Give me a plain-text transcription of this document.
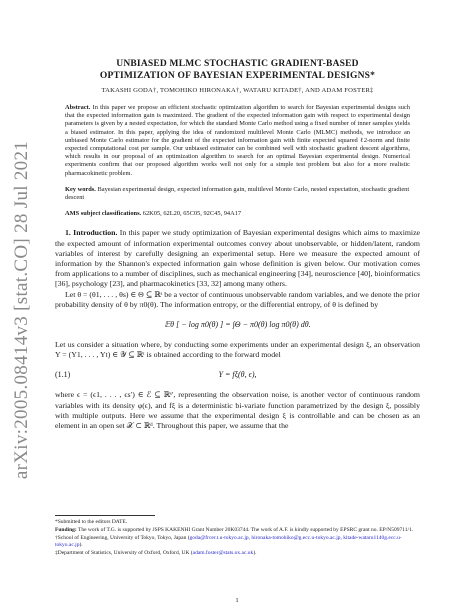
arXiv:2005.08414v3 [stat.CO] 28 Jul 2021
UNBIASED MLMC STOCHASTIC GRADIENT-BASED
OPTIMIZATION OF BAYESIAN EXPERIMENTAL DESIGNS*
TAKASHI GODA†, TOMOHIKO HIRONAKA†, WATARU KITADE†, AND ADAM FOSTER‡
Abstract. In this paper we propose an efficient stochastic optimization algorithm to search for Bayesian experimental designs such that the expected information gain is maximized. The gradient of the expected information gain with respect to experimental design parameters is given by a nested expectation, for which the standard Monte Carlo method using a fixed number of inner samples yields a biased estimator. In this paper, applying the idea of randomized multilevel Monte Carlo (MLMC) methods, we introduce an unbiased Monte Carlo estimator for the gradient of the expected information gain with finite expected squared ℓ2-norm and finite expected computational cost per sample. Our unbiased estimator can be combined well with stochastic gradient descent algorithms, which results in our proposal of an optimization algorithm to search for an optimal Bayesian experimental design. Numerical experiments confirm that our proposed algorithm works well not only for a simple test problem but also for a more realistic pharmacokinetic problem.
Key words. Bayesian experimental design, expected information gain, multilevel Monte Carlo, nested expectation, stochastic gradient descent
AMS subject classifications. 62K05, 62L20, 65C05, 92C45, 94A17

1. Introduction. In this paper we study optimization of Bayesian experimental designs which aims to maximize the expected amount of information experimental outcomes convey about unobservable, or hidden/latent, random variables of interest by carefully designing an experimental setup. Here we measure the expected amount of information by the Shannon's expected information gain whose definition is given below. Our motivation comes from applications to a number of disciplines, such as mechanical engineering [34], neuroscience [40], bioinformatics [36], psychology [23], and pharmacokinetics [33, 32] among many others.

Let θ = (θ1, . . . , θs) ∈ Θ ⊆ ℝˢ be a vector of continuous unobservable random variables, and we denote the prior probability density of θ by π0(θ). The information entropy, or the differential entropy, of θ is defined by

𝔼θ [ − log π0(θ) ] = ∫Θ − π0(θ) log π0(θ) dθ.

Let us consider a situation where, by conducting some experiments under an experimental design ξ, an observation Y = (Y1, . . . , Yt) ∈ 𝒴 ⊆ ℝᵗ is obtained according to the forward model

(1.1)	Y = fξ(θ, ϵ),

where ϵ = (ϵ1, . . . , ϵs′) ∈ ℰ ⊆ ℝˢ′, representing the observation noise, is another vector of continuous random variables with its density φ(ϵ), and fξ is a deterministic bi-variate function parametrized by the design ξ, possibly with multiple outputs. Here we assume that the experimental design ξ is controllable and can be chosen as an element in an open set 𝒳 ⊂ ℝᵈ. Throughout this paper, we assume that the

*Submitted to the editors DATE.

Funding: The work of T.G. is supported by JSPS KAKENHI Grant Number 20K03744. The work of A.F. is kindly supported by EPSRC grant no. EP/N509711/1.

†School of Engineering, University of Tokyo, Tokyo, Japan (goda@frcer.t.u-tokyo.ac.jp, hironaka-tomohiko@g.ecc.u-tokyo.ac.jp, kitade-wataru1140g.ecc.u-tokyo.ac.jp).

‡Department of Statistics, University of Oxford, Oxford, UK (adam.foster@stats.ox.ac.uk).

1
